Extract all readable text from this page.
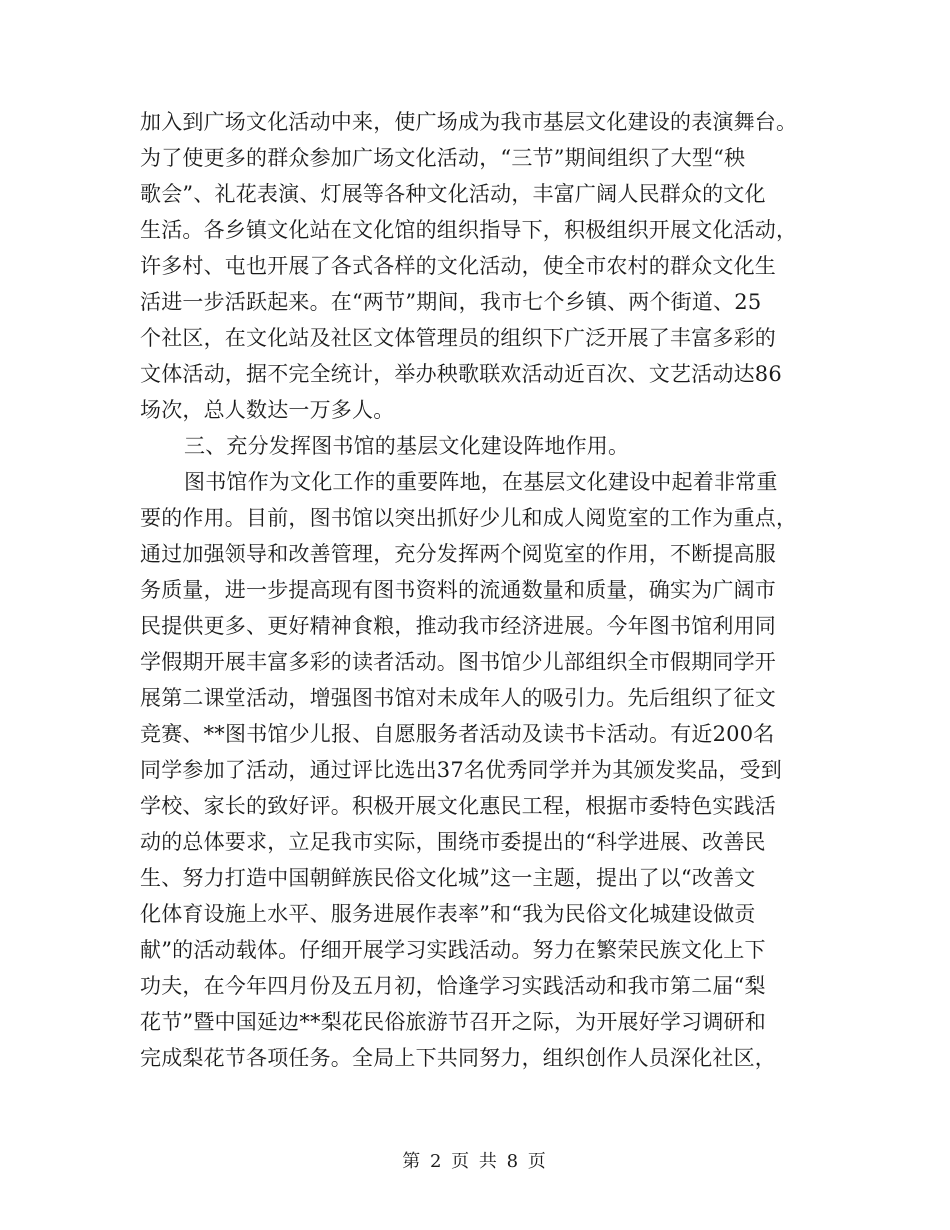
加入到广场文化活动中来，使广场成为我市基层文化建设的表演舞台。
为了使更多的群众参加广场文化活动，“三节”期间组织了大型“秧
歌会”、礼花表演、灯展等各种文化活动，丰富广阔人民群众的文化
生活。各乡镇文化站在文化馆的组织指导下，积极组织开展文化活动，
许多村、屯也开展了各式各样的文化活动，使全市农村的群众文化生
活进一步活跃起来。在“两节”期间，我市七个乡镇、两个街道、25
个社区，在文化站及社区文体管理员的组织下广泛开展了丰富多彩的
文体活动，据不完全统计，举办秧歌联欢活动近百次、文艺活动达86
场次，总人数达一万多人。
三、充分发挥图书馆的基层文化建设阵地作用。
图书馆作为文化工作的重要阵地，在基层文化建设中起着非常重
要的作用。目前，图书馆以突出抓好少儿和成人阅览室的工作为重点，
通过加强领导和改善管理，充分发挥两个阅览室的作用，不断提高服
务质量，进一步提高现有图书资料的流通数量和质量，确实为广阔市
民提供更多、更好精神食粮，推动我市经济进展。今年图书馆利用同
学假期开展丰富多彩的读者活动。图书馆少儿部组织全市假期同学开
展第二课堂活动，增强图书馆对未成年人的吸引力。先后组织了征文
竞赛、**图书馆少儿报、自愿服务者活动及读书卡活动。有近200名
同学参加了活动，通过评比选出37名优秀同学并为其颁发奖品，受到
学校、家长的致好评。积极开展文化惠民工程，根据市委特色实践活
动的总体要求，立足我市实际，围绕市委提出的“科学进展、改善民
生、努力打造中国朝鲜族民俗文化城”这一主题，提出了以“改善文
化体育设施上水平、服务进展作表率”和“我为民俗文化城建设做贡
献”的活动载体。仔细开展学习实践活动。努力在繁荣民族文化上下
功夫，在今年四月份及五月初，恰逢学习实践活动和我市第二届“梨
花节”暨中国延边**梨花民俗旅游节召开之际，为开展好学习调研和
完成梨花节各项任务。全局上下共同努力，组织创作人员深化社区，
第 2 页 共 8 页
